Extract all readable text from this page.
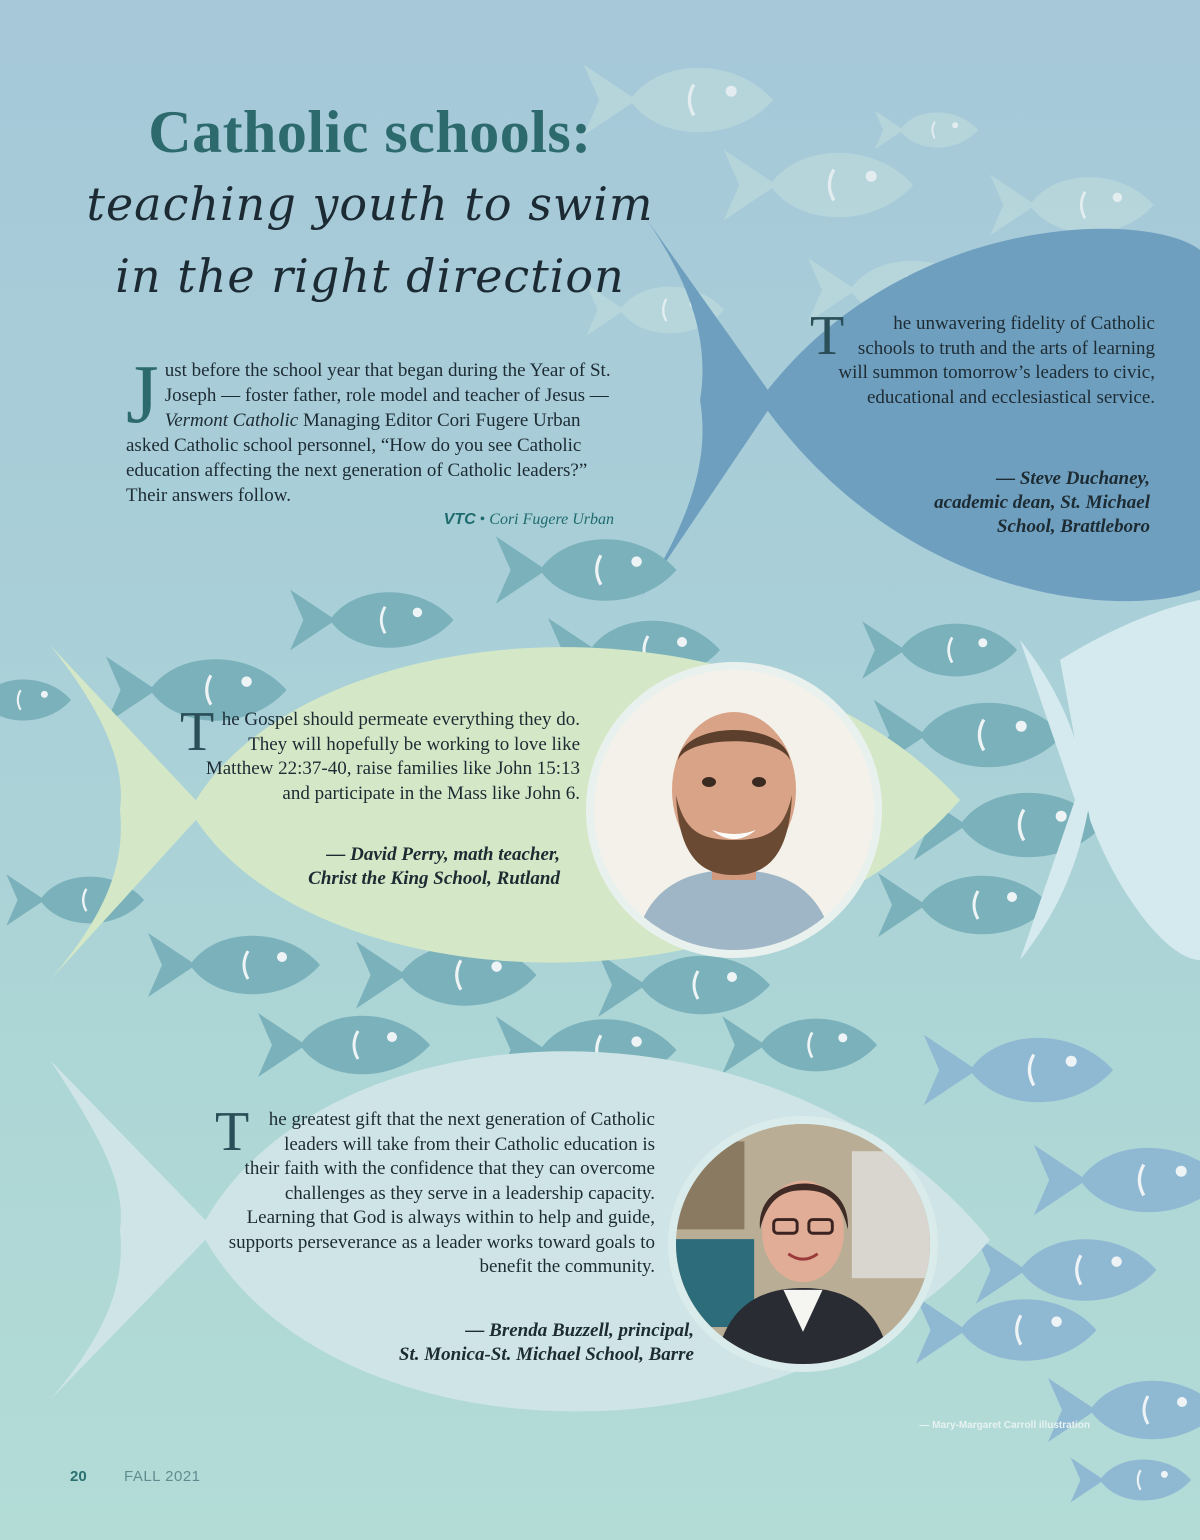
Catholic schools:
teaching youth to swim
in the right direction
Just before the school year that began during the Year of St. Joseph — foster father, role model and teacher of Jesus — Vermont Catholic Managing Editor Cori Fugere Urban asked Catholic school personnel, “How do you see Catholic education affecting the next generation of Catholic leaders?” Their answers follow.
VTC • Cori Fugere Urban
T	he unwavering fidelity of Catholic schools to truth and the arts of learning will summon tomorrow’s leaders to civic, educational and ecclesiastical service.
— Steve Duchaney,
academic dean, St. Michael
School, Brattleboro
The Gospel should permeate everything they do. They will hopefully be working to love like Matthew 22:37-40, raise families like John 15:13 and participate in the Mass like John 6.
— David Perry, math teacher,
Christ the King School, Rutland
T he greatest gift that the next generation of Catholic leaders will take from their Catholic education is their faith with the confidence that they can overcome challenges as they serve in a leadership capacity. Learning that God is always within to help and guide, supports perseverance as a leader works toward goals to benefit the community.
— Brenda Buzzell, principal,
St. Monica-St. Michael School, Barre
— Mary-Margaret Carroll illustration
20 FALL 2021
